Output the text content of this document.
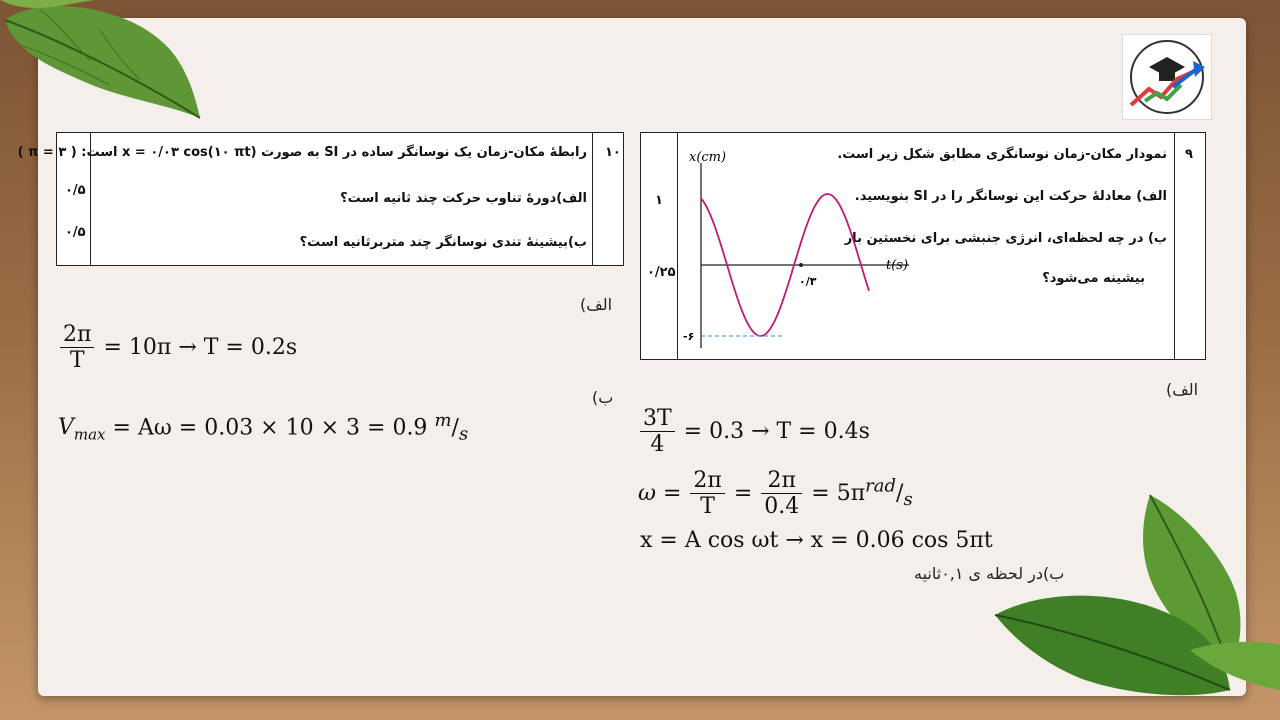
۱۰
رابطهٔ مکان-زمان یک نوسانگر ساده در SI به صورت x = ۰/۰۳ cos(۱۰ πt) است: ( π = ۳ )
الف)دورهٔ تناوب حرکت چند ثانیه است؟
ب)بیشینهٔ تندی نوسانگر چند متربرثانیه است؟
۰/۵
۰/۵
۹
نمودار مکان-زمان نوسانگری مطابق شکل زیر است.
الف) معادلهٔ حرکت این نوسانگر را در SI بنویسید.
ب) در چه لحظه‌ای، انرژی جنبشی برای نخستین بار
بیشینه می‌شود؟
۱
۰/۲۵
x(cm)
t(s)
۰/۳
-۶
الف)
$\frac{2\pi}{T} = 10\pi \to T = 0.2s$
ب)
$V_{max} = A\omega = 0.03 \times 10 \times 3 = 0.9$ $^m/_s$
الف)
$\frac{3T}{4} = 0.3 \to T = 0.4s$
$\omega = \frac{2\pi}{T} = \frac{2\pi}{0.4} = 5\pi^{rad}/_s$
x = A cos ωt → x = 0.06 cos 5πt
ب)در لحظه ی ۰,۱ثانیه
